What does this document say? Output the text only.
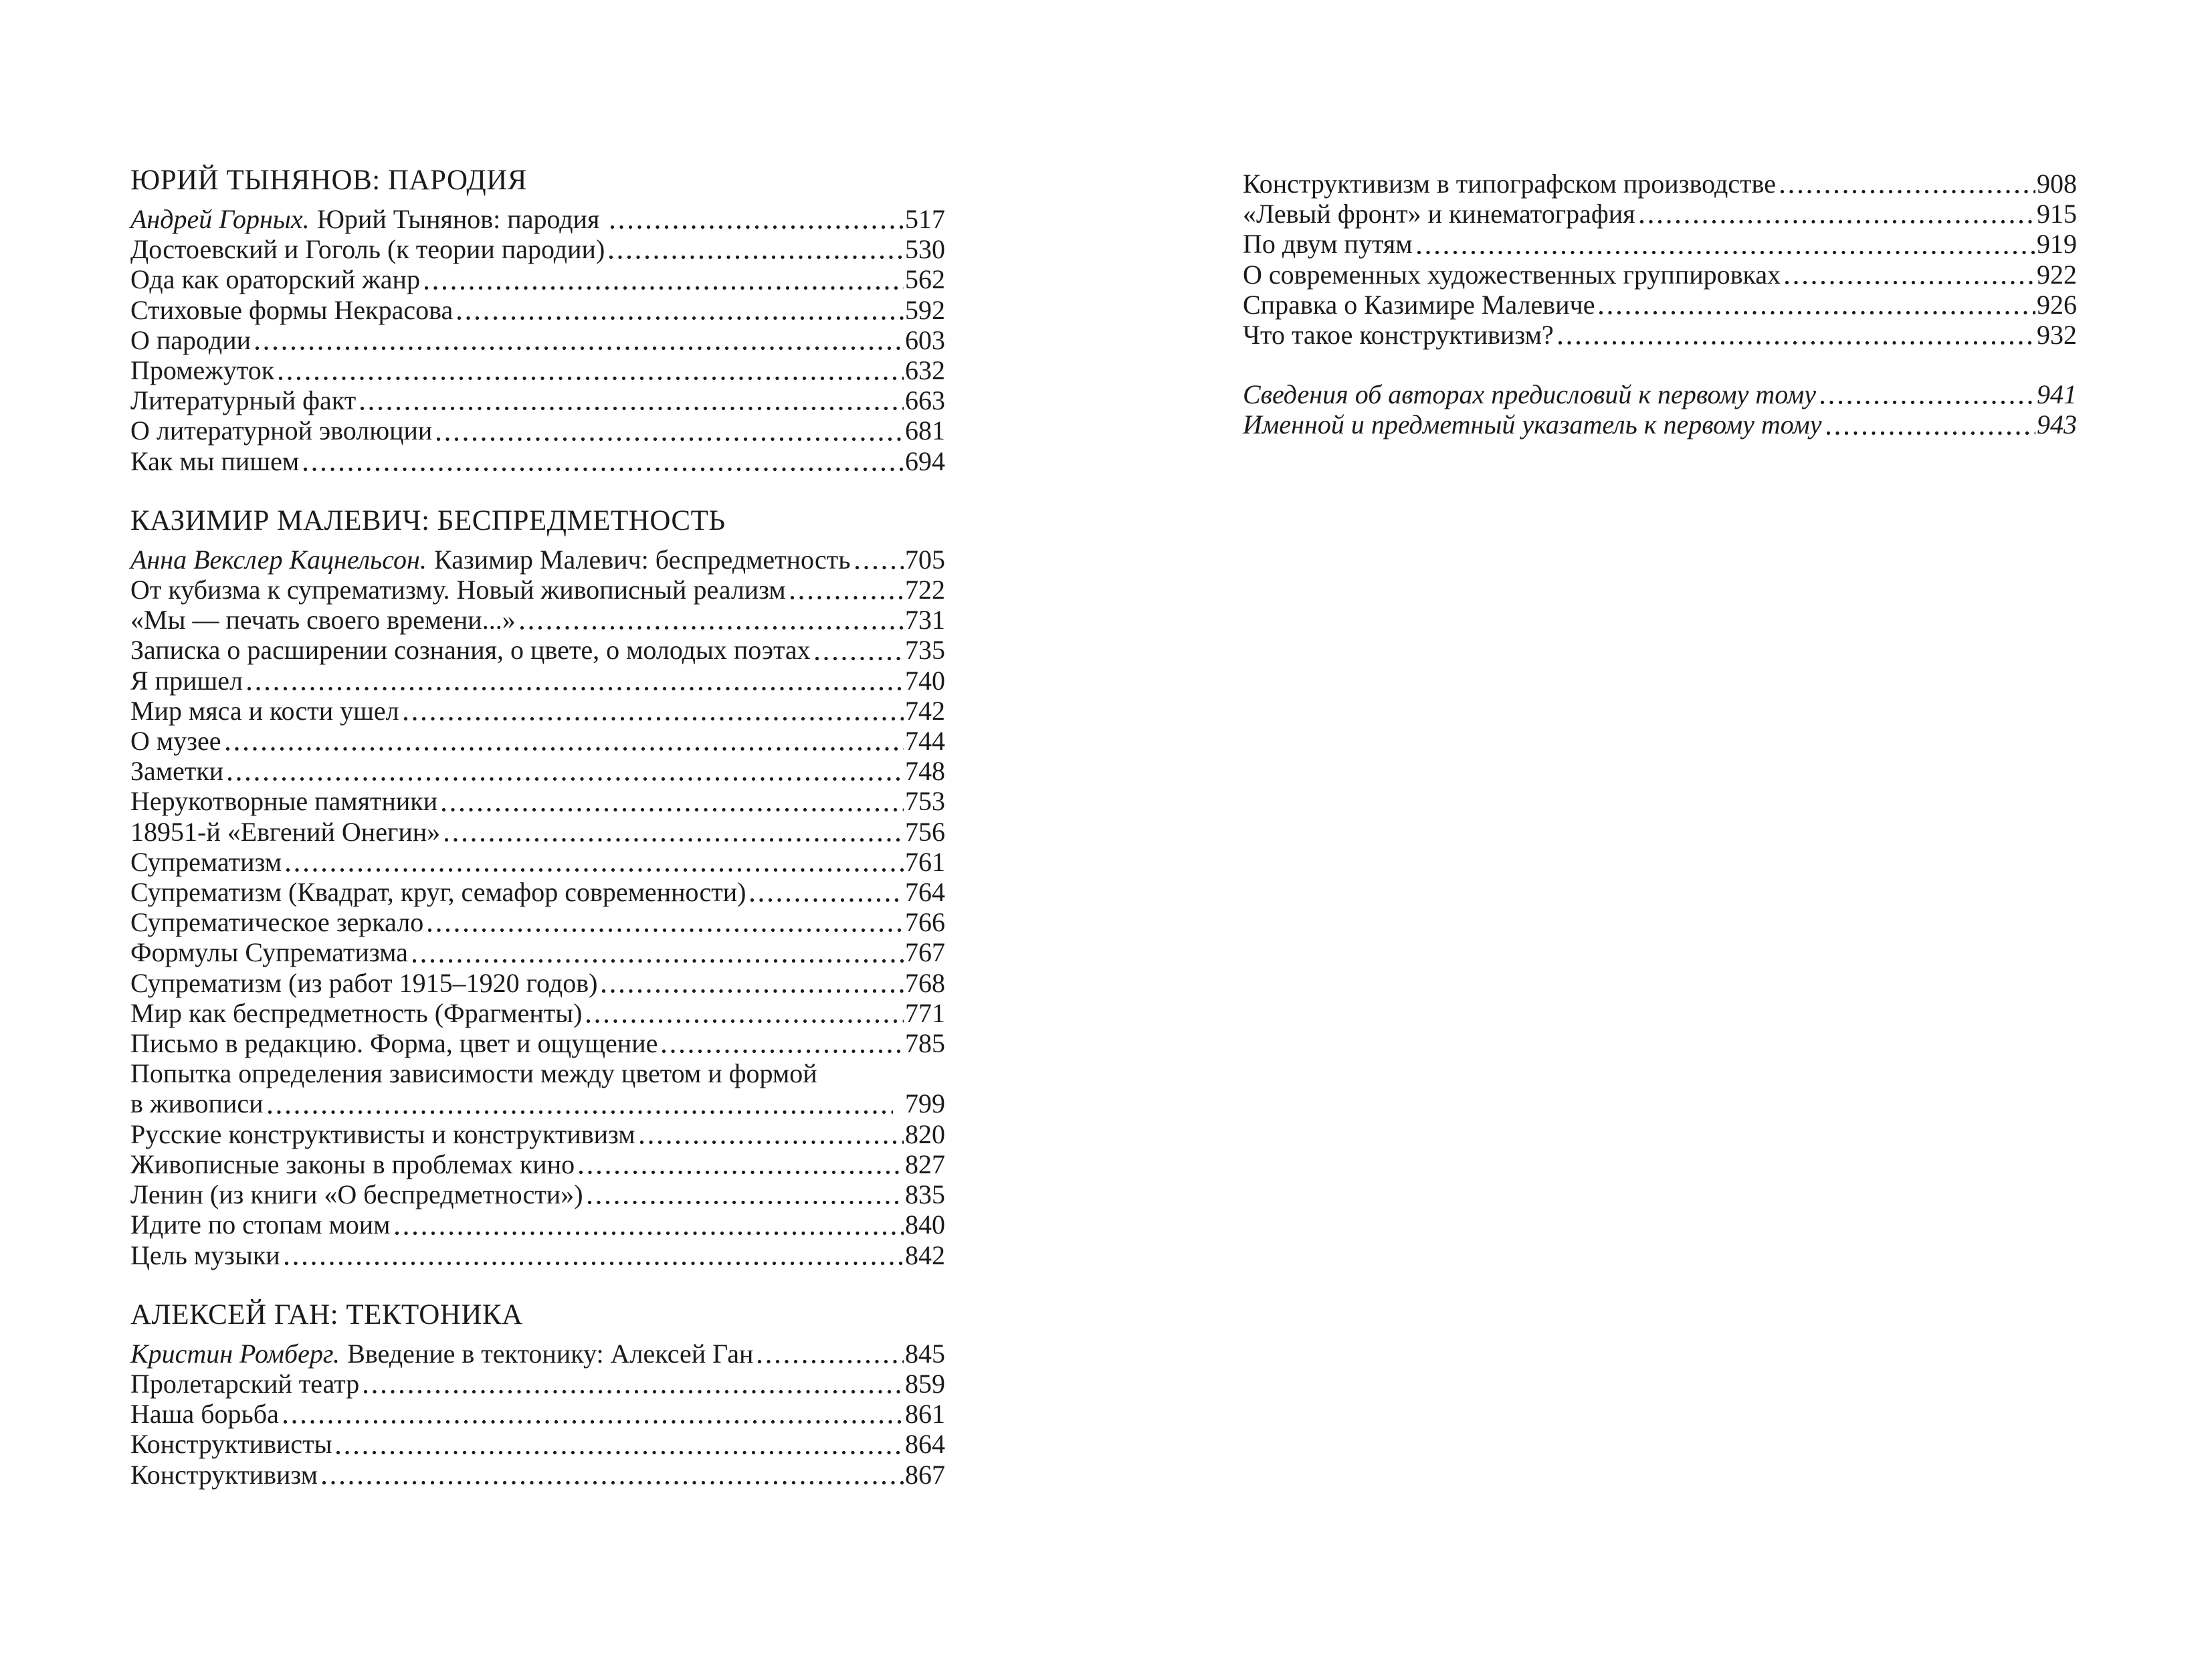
ЮРИЙ ТЫНЯНОВ: ПАРОДИЯ
Андрей Горных. Юрий Тынянов: пародия	517
Достоевский и Гоголь (к теории пародии)	530
Ода как ораторский жанр	562
Стиховые формы Некрасова	592
О пародии	603
Промежуток	632
Литературный факт	663
О литературной эволюции	681
Как мы пишем	694
КАЗИМИР МАЛЕВИЧ: БЕСПРЕДМЕТНОСТЬ
Анна Векслер Кацнельсон. Казимир Малевич: беспредметность 705
От кубизма к супрематизму. Новый живописный реализм	722
«Мы — печать своего времени...»	731
Записка о расширении сознания, о цвете, о молодых поэтах	735
Я пришел	740
Мир мяса и кости ушел	742
О музее	744
Заметки	748
Нерукотворные памятники	753
18951-й «Евгений Онегин»	756
Супрематизм	761
Супрематизм (Квадрат, круг, семафор современности)	764
Супрематическое зеркало	766
Формулы Супрематизма	767
Супрематизм (из работ 1915–1920 годов)	768
Мир как беспредметность (Фрагменты)	771
Письмо в редакцию. Форма, цвет и ощущение	785
Попытка определения зависимости между цветом и формой
в живописи	799
Русские конструктивисты и конструктивизм	820
Живописные законы в проблемах кино	827
Ленин (из книги «О беспредметности»)	835
Идите по стопам моим	840
Цель музыки	842
АЛЕКСЕЙ ГАН: ТЕКТОНИКА
Кристин Ромберг. Введение в тектонику: Алексей Ган	845
Пролетарский театр	859
Наша борьба	861
Конструктивисты	864
Конструктивизм	867
Конструктивизм в типографском производстве	908
«Левый фронт» и кинематография	915
По двум путям	919
О современных художественных группировках	922
Справка о Казимире Малевиче	926
Что такое конструктивизм?	932
Сведения об авторах предисловий к первому тому	941
Именной и предметный указатель к первому тому	943
